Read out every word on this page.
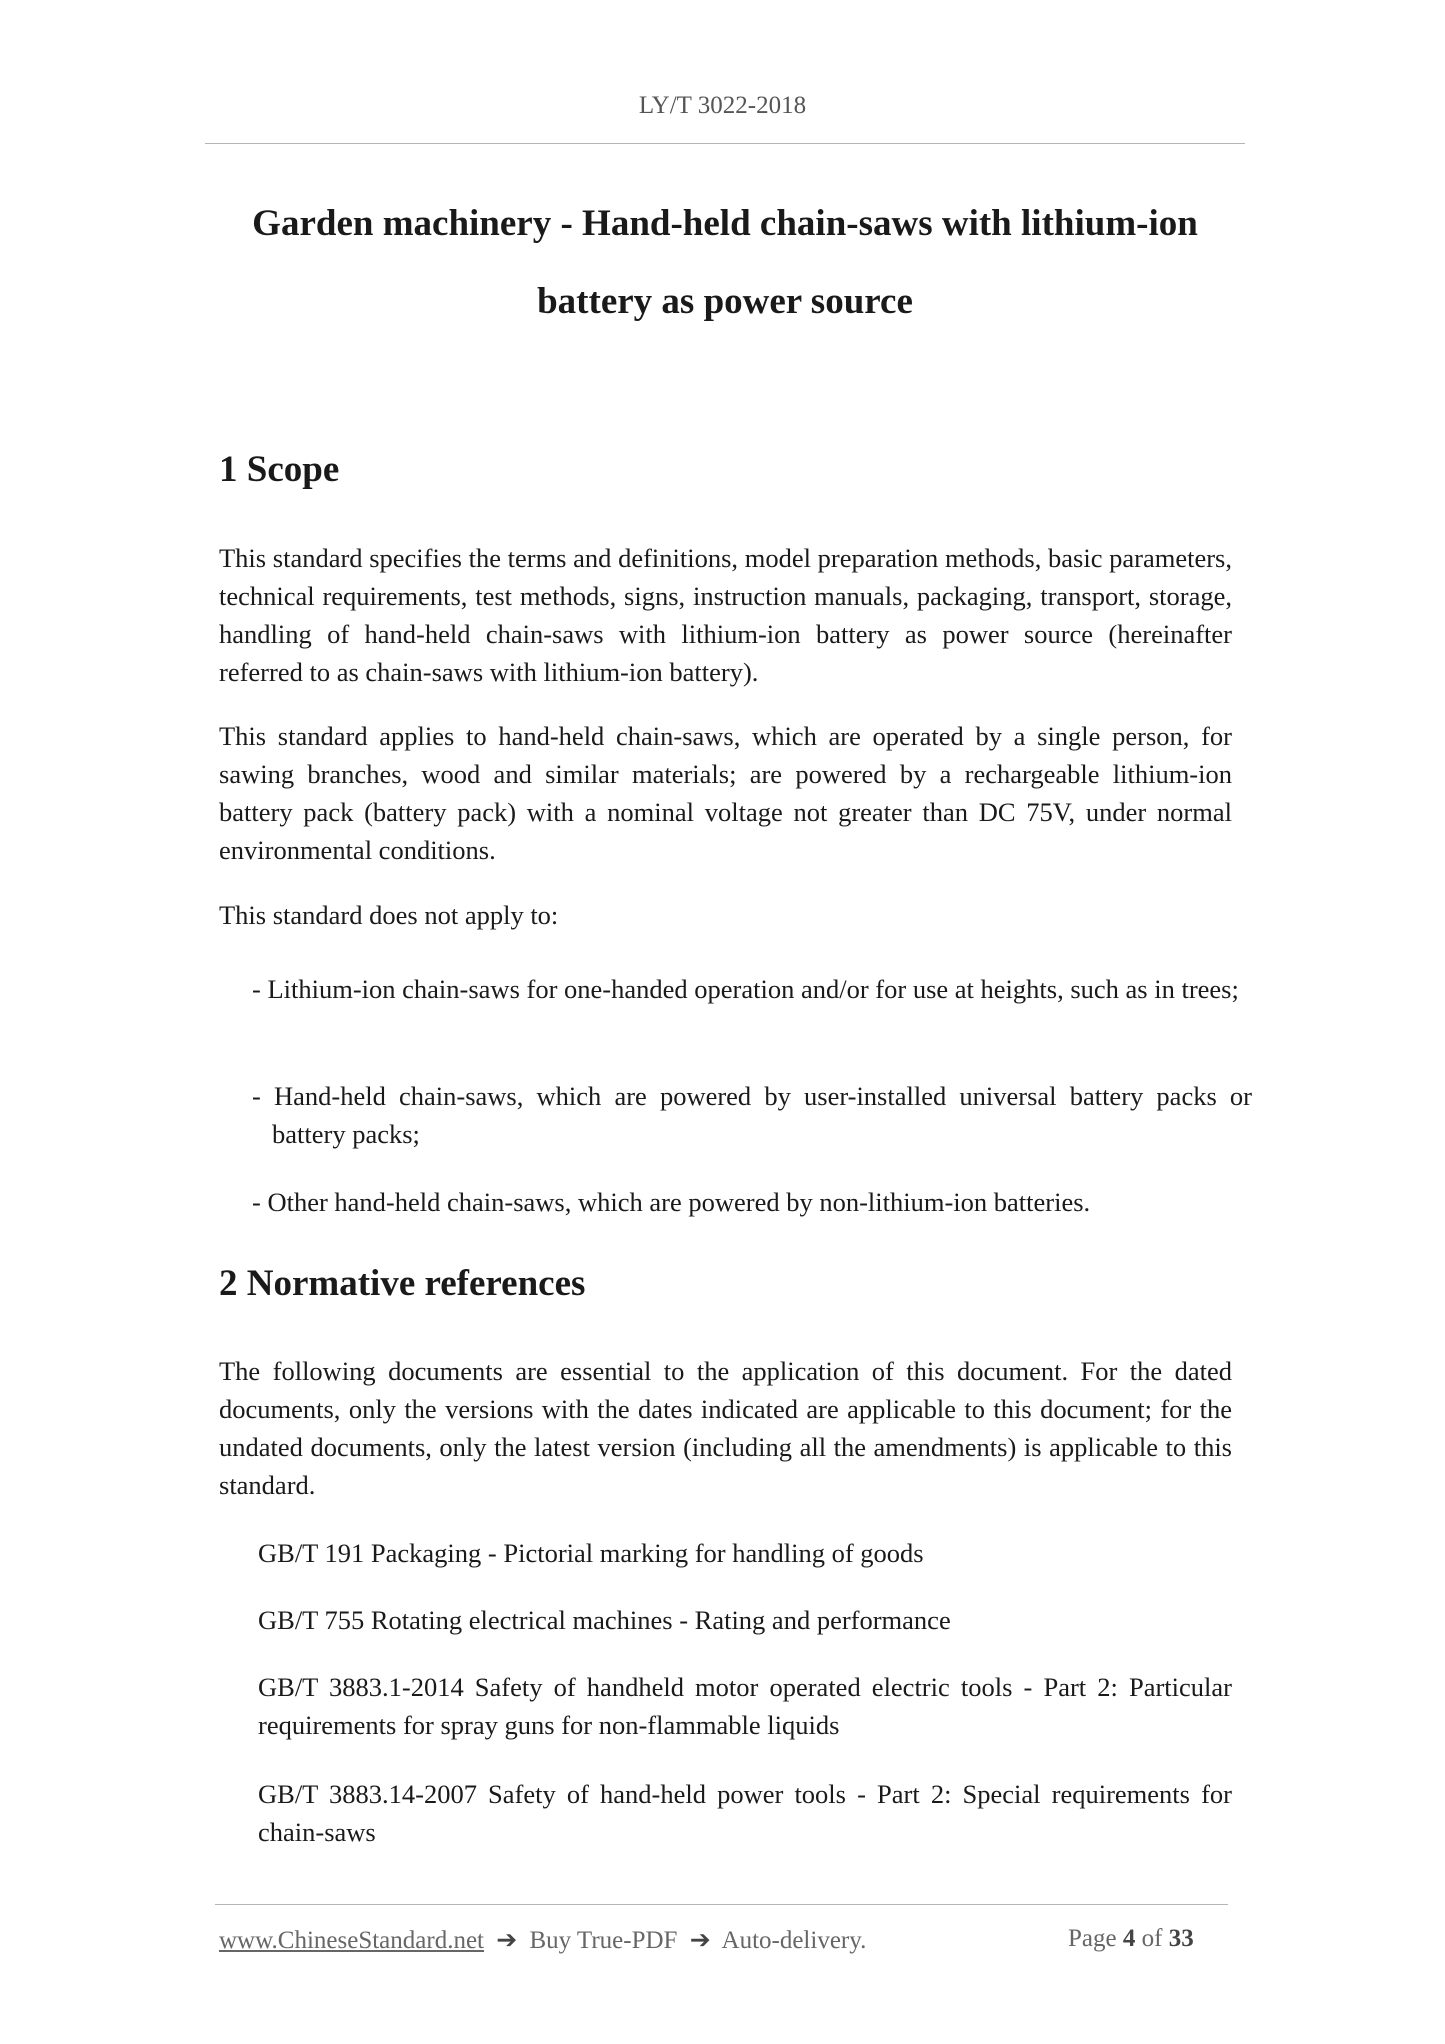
LY/T 3022-2018
Garden machinery - Hand-held chain-saws with lithium-ion
battery as power source
1 Scope

This standard specifies the terms and definitions, model preparation methods, basic parameters, technical requirements, test methods, signs, instruction manuals, packaging, transport, storage, handling of hand-held chain-saws with lithium-ion battery as power source (hereinafter referred to as chain-saws with lithium-ion battery).

This standard applies to hand-held chain-saws, which are operated by a single person, for sawing branches, wood and similar materials; are powered by a rechargeable lithium-ion battery pack (battery pack) with a nominal voltage not greater than DC 75V, under normal environmental conditions.

This standard does not apply to:

- Lithium-ion chain-saws for one-handed operation and/or for use at heights, such as in trees;

- Hand-held chain-saws, which are powered by user-installed universal battery packs or battery packs;

- Other hand-held chain-saws, which are powered by non-lithium-ion batteries.

2 Normative references

The following documents are essential to the application of this document. For the dated documents, only the versions with the dates indicated are applicable to this document; for the undated documents, only the latest version (including all the amendments) is applicable to this standard.

GB/T 191 Packaging - Pictorial marking for handling of goods

GB/T 755 Rotating electrical machines - Rating and performance

GB/T 3883.1-2014 Safety of handheld motor operated electric tools - Part 2: Particular requirements for spray guns for non-flammable liquids

GB/T 3883.14-2007 Safety of hand-held power tools - Part 2: Special requirements for chain-saws

www.ChineseStandard.net ➔ Buy True-PDF ➔ Auto-delivery.	Page 4 of 33
